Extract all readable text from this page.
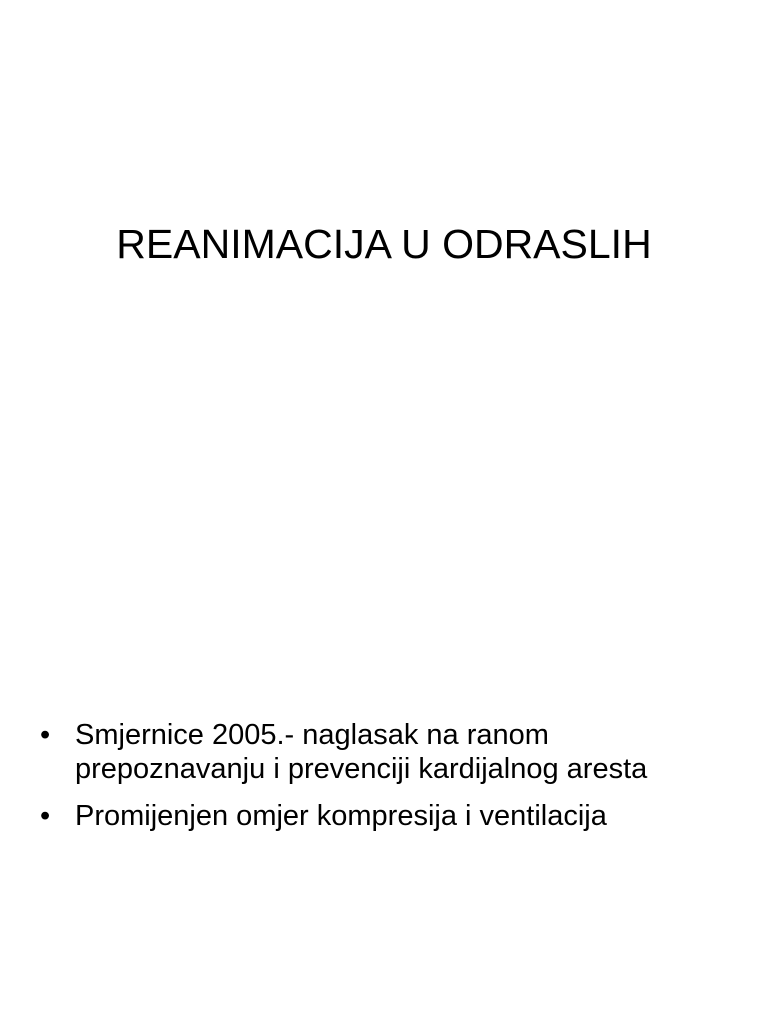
REANIMACIJA U ODRASLIH
• Smjernice 2005.- naglasak na ranom prepoznavanju i prevenciji kardijalnog aresta
• Promijenjen omjer kompresija i ventilacija
